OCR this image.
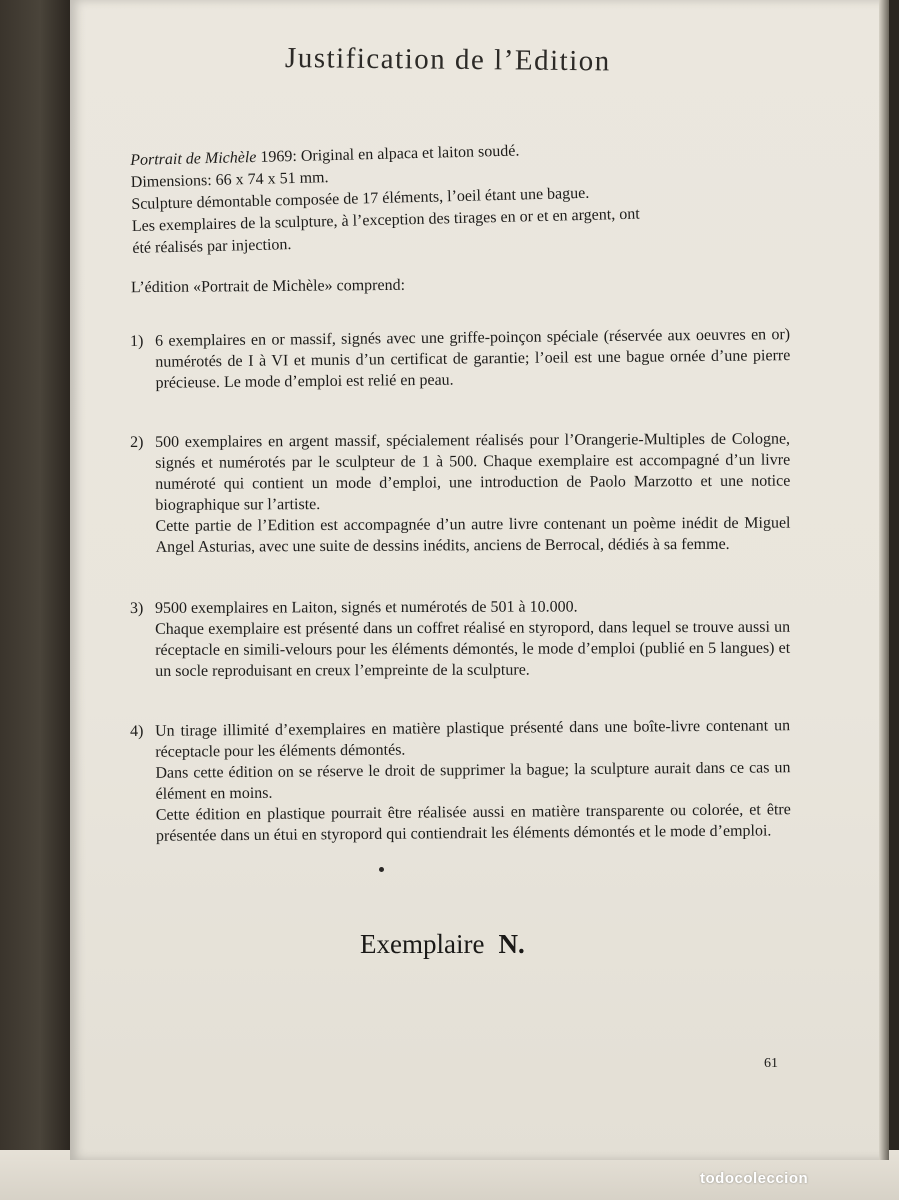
Justification de l’Edition

Portrait de Michèle 1969: Original en alpaca et laiton soudé.

Dimensions: 66 x 74 x 51 mm.

Sculpture démontable composée de 17 éléments, l’oeil étant une bague.

Les exemplaires de la sculpture, à l’exception des tirages en or et en argent, ont

été réalisés par injection.

L’édition «Portrait de Michèle» comprend:
1) 6 exemplaires en or massif, signés avec une griffe-poinçon spéciale (réservée aux oeuvres en or) numérotés de I à VI et munis d’un certificat de garantie; l’oeil est une bague ornée d’une pierre précieuse. Le mode d’emploi est relié en peau.

2) 500 exemplaires en argent massif, spécialement réalisés pour l’Orangerie-Multiples de Cologne, signés et numérotés par le sculpteur de 1 à 500. Chaque exemplaire est accompagné d’un livre numéroté qui contient un mode d’emploi, une introduction de Paolo Marzotto et une notice biographique sur l’artiste.

Cette partie de l’Edition est accompagnée d’un autre livre contenant un poème inédit de Miguel Angel Asturias, avec une suite de dessins inédits, anciens de Berrocal, dédiés à sa femme.

3) 9500 exemplaires en Laiton, signés et numérotés de 501 à 10.000.

Chaque exemplaire est présenté dans un coffret réalisé en styropord, dans lequel se trouve aussi un réceptacle en simili-velours pour les éléments démontés, le mode d’emploi (publié en 5 langues) et un socle reproduisant en creux l’empreinte de la sculpture.

4) Un tirage illimité d’exemplaires en matière plastique présenté dans une boîte-livre contenant un réceptacle pour les éléments démontés.

Dans cette édition on se réserve le droit de supprimer la bague; la sculpture aurait dans ce cas un élément en moins.

Cette édition en plastique pourrait être réalisée aussi en matière transparente ou colorée, et être présentée dans un étui en styropord qui contiendrait les éléments démontés et le mode d’emploi.

Exemplaire N.
61
todocoleccion
